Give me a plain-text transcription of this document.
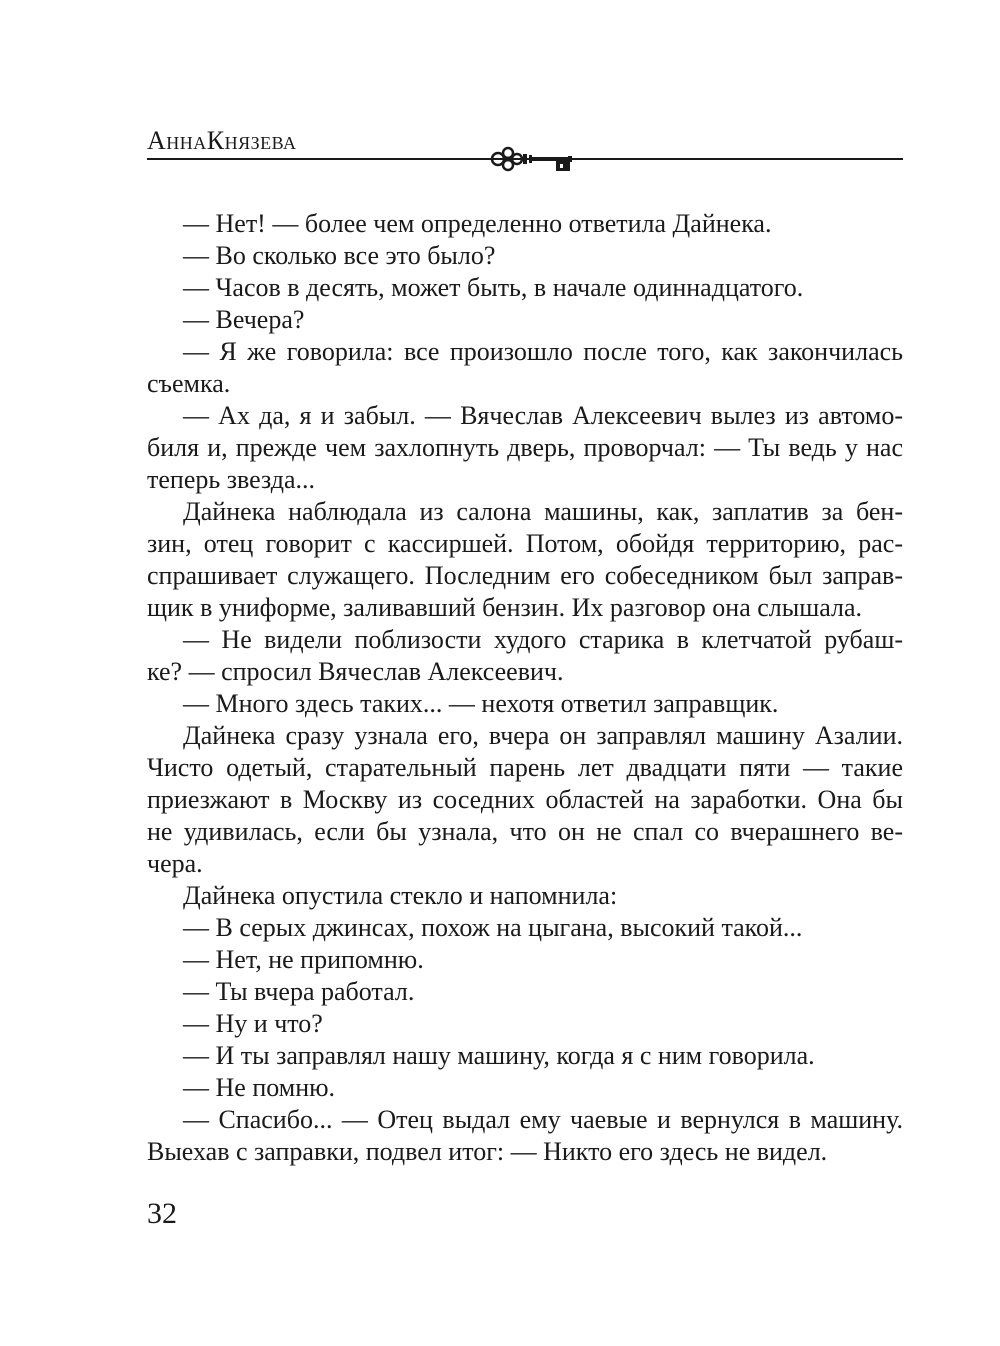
АннаКнязева
— Нет! — более чем определенно ответила Дайнека.
— Во сколько все это было?
— Часов в десять, может быть, в начале одиннадцатого.
— Вечера?
— Я же говорила: все произошло после того, как закончилась
съемка.
— Ах да, я и забыл. — Вячеслав Алексеевич вылез из автомо-
биля и, прежде чем захлопнуть дверь, проворчал: — Ты ведь у нас
теперь звезда...
Дайнека наблюдала из салона машины, как, заплатив за бен-
зин, отец говорит с кассиршей. Потом, обойдя территорию, рас-
спрашивает служащего. Последним его собеседником был заправ-
щик в униформе, заливавший бензин. Их разговор она слышала.
— Не видели поблизости худого старика в клетчатой рубаш-
ке? — спросил Вячеслав Алексеевич.
— Много здесь таких... — нехотя ответил заправщик.
Дайнека сразу узнала его, вчера он заправлял машину Азалии.
Чисто одетый, старательный парень лет двадцати пяти — такие
приезжают в Москву из соседних областей на заработки. Она бы
не удивилась, если бы узнала, что он не спал со вчерашнего ве-
чера.
Дайнека опустила стекло и напомнила:
— В серых джинсах, похож на цыгана, высокий такой...
— Нет, не припомню.
— Ты вчера работал.
— Ну и что?
— И ты заправлял нашу машину, когда я с ним говорила.
— Не помню.
— Спасибо... — Отец выдал ему чаевые и вернулся в машину.
Выехав с заправки, подвел итог: — Никто его здесь не видел.
32
